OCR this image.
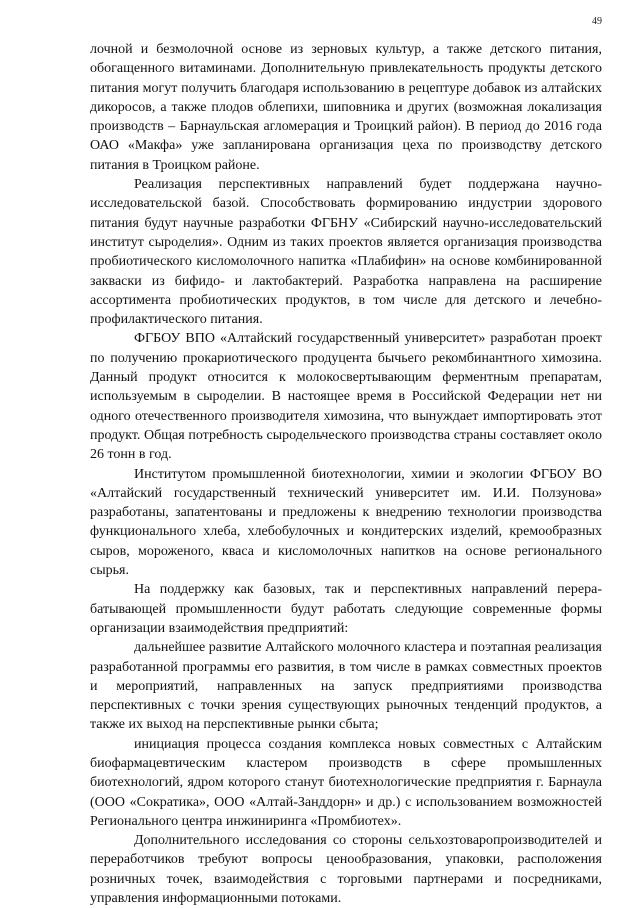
49

лочной и безмолочной основе из зерновых культур, а также детского питания, обогащенного витаминами. Дополнительную привлекательность продукты детского питания могут получить благодаря использованию в рецептуре добавок из алтайских дикоросов, а также плодов облепихи, шиповника и других (возможная локализация производств – Барнаульская агломерация и Троицкий район). В период до 2016 года ОАО «Макфа» уже запланирована организация цеха по производству детского питания в Троицком районе.

Реализация перспективных направлений будет поддержана научно-исследовательской базой. Способствовать формированию индустрии здорового питания будут научные разработки ФГБНУ «Сибирский научно-исследовательский институт сыроделия». Одним из таких проектов является организация производства пробиотического кисломолочного напитка «Плабифин» на основе комбинированной закваски из бифидо- и лактобактерий. Разработка направлена на расширение ассортимента пробиотических продуктов, в том числе для детского и лечебно-профилактического питания.

ФГБОУ ВПО «Алтайский государственный университет» разработан проект по получению прокариотического продуцента бычьего рекомбинантного химозина. Данный продукт относится к молокосвертывающим ферментным препаратам, используемым в сыроделии. В настоящее время в Российской Федерации нет ни одного отечественного производителя химозина, что вынуждает импортировать этот продукт. Общая потребность сыродельческого производства страны составляет около 26 тонн в год.

Институтом промышленной биотехнологии, химии и экологии ФГБОУ ВО «Алтайский государственный технический университет им. И.И. Ползунова» разработаны, запатентованы и предложены к внедрению технологии производства функционального хлеба, хлебобулочных и кондитерских изделий, кремообразных сыров, мороженого, кваса и кисломолочных напитков на основе регионального сырья.

На поддержку как базовых, так и перспективных направлений перерабатывающей промышленности будут работать следующие современные формы организации взаимодействия предприятий:

дальнейшее развитие Алтайского молочного кластера и поэтапная реализация разработанной программы его развития, в том числе в рамках совместных проектов и мероприятий, направленных на запуск предприятиями производства перспективных с точки зрения существующих рыночных тенденций продуктов, а также их выход на перспективные рынки сбыта;

инициация процесса создания комплекса новых совместных с Алтайским биофармацевтическим кластером производств в сфере промышленных биотехнологий, ядром которого станут биотехнологические предприятия г. Барнаула (ООО «Сократика», ООО «Алтай-Занддорн» и др.) с использованием возможностей Регионального центра инжиниринга «Промбиотех».

Дополнительного исследования со стороны сельхозтоваропроизводителей и переработчиков требуют вопросы ценообразования, упаковки, расположения розничных точек, взаимодействия с торговыми партнерами и посредниками, управления информационными потоками.
